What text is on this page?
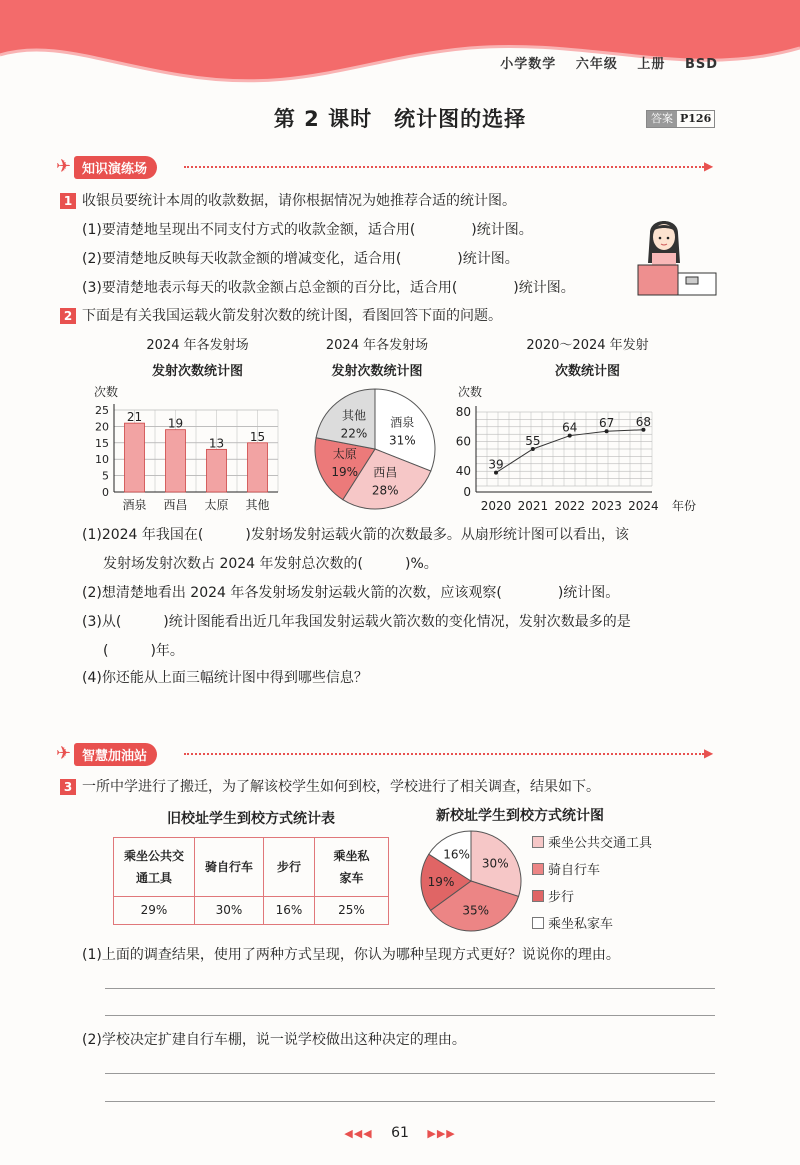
小学数学 六年级 上册 BSD
第 2 课时 统计图的选择	答案 P126
✈ 知识演练场	▶
1 收银员要统计本周的收款数据，请你根据情况为她推荐合适的统计图。
(1)要清楚地呈现出不同支付方式的收款金额，适合用(　　　　)统计图。
(2)要清楚地反映每天收款金额的增减变化，适合用(　　　　)统计图。
(3)要清楚地表示每天的收款金额占总金额的百分比，适合用(　　　　)统计图。
2 下面是有关我国运载火箭发射次数的统计图，看图回答下面的问题。
2024 年各发射场
发射次数统计图
2024 年各发射场
发射次数统计图
2020～2024 年发射
次数统计图
次数
0
5
10
15
20
25 21
酒泉
19
西昌
13
太原
15
其他
酒泉
31%
西昌
28%
太原
19%
其他
22%
次数
0
40
60
80
39
2020
55
2021
64
2022
67
2023
68
2024 年份
(1)2024 年我国在(　　　)发射场发射运载火箭的次数最多。从扇形统计图可以看出，该
发射场发射次数占 2024 年发射总次数的(　　　)%。
(2)想清楚地看出 2024 年各发射场发射运载火箭的次数，应该观察(　　　　)统计图。
(3)从(　　　)统计图能看出近几年我国发射运载火箭次数的变化情况，发射次数最多的是
(　　　)年。
(4)你还能从上面三幅统计图中得到哪些信息？
✈ 智慧加油站	▶
3 一所中学进行了搬迁，为了解该校学生如何到校，学校进行了相关调查，结果如下。
旧校址学生到校方式统计表
乘坐公共交通工具	骑自行车	步行	乘坐私家车
29%	30%	16%	25%
新校址学生到校方式统计图
30%
35%
19%
16%
乘坐公共交通工具
骑自行车
步行
乘坐私家车
(1)上面的调查结果，使用了两种方式呈现，你认为哪种呈现方式更好？说说你的理由。
(2)学校决定扩建自行车棚，说一说学校做出这种决定的理由。
◀◀◀ 61 ▶▶▶
